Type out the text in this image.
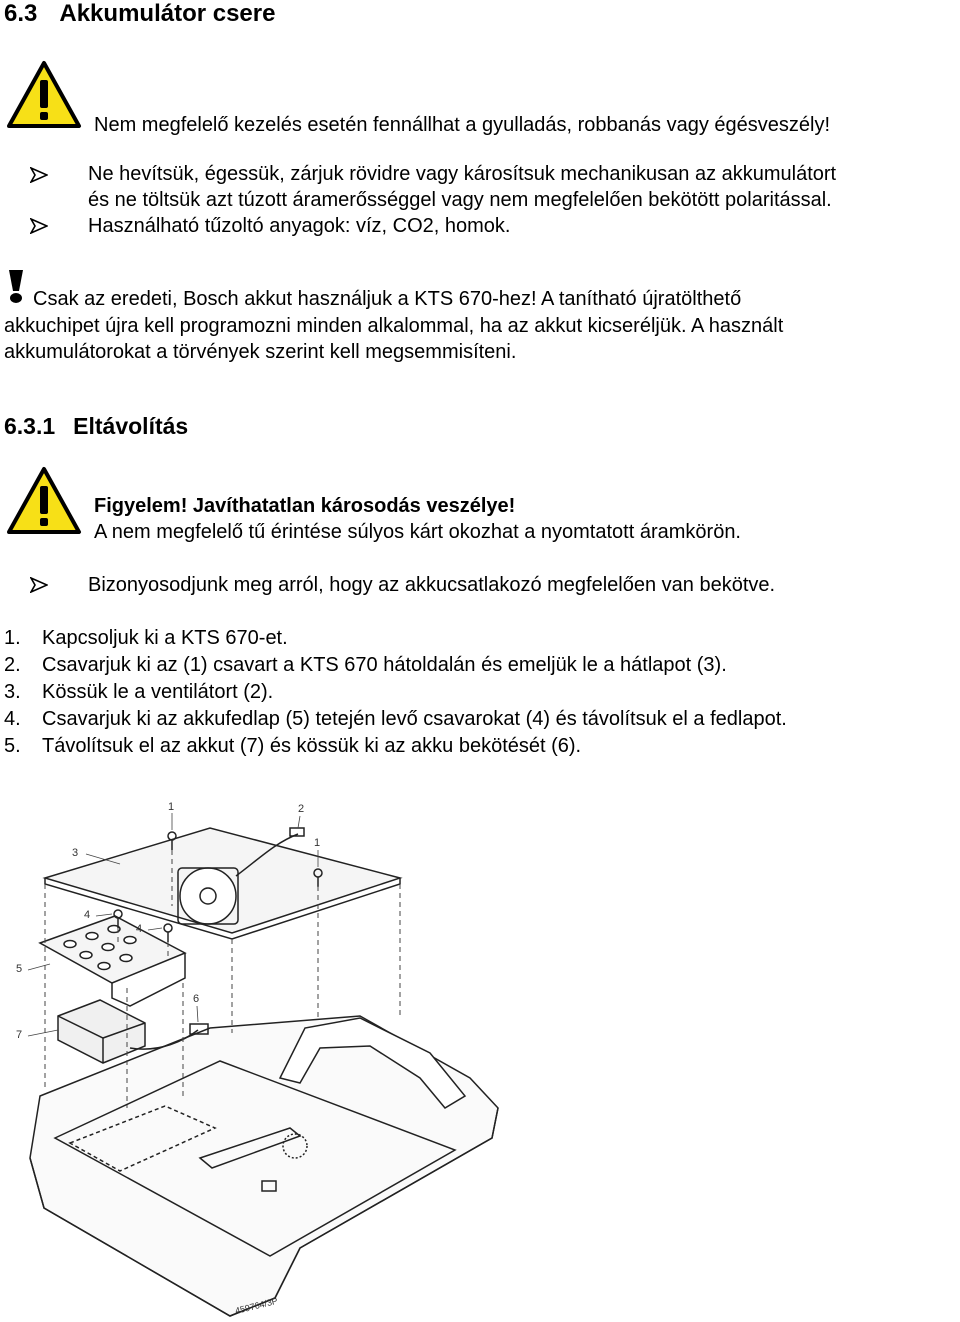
6.3 Akkumulátor csere
Nem megfelelő kezelés esetén fennállhat a gyulladás, robbanás vagy égésveszély!
Ne hevítsük, égessük, zárjuk rövidre vagy károsítsuk mechanikusan az akkumulátort
és ne töltsük azt túzott áramerősséggel vagy nem megfelelően bekötött polaritással.
Használható tűzoltó anyagok: víz, CO2, homok.
Csak az eredeti, Bosch akkut használjuk a KTS 670-hez! A tanítható újratölthető
akkuchipet újra kell programozni minden alkalommal, ha az akkut kicseréljük. A használt
akkumulátorokat a törvények szerint kell megsemmisíteni.
6.3.1 Eltávolítás
Figyelem! Javíthatatlan károsodás veszélye!
A nem megfelelő tű érintése súlyos kárt okozhat a nyomtatott áramkörön.
Bizonyosodjunk meg arról, hogy az akkucsatlakozó megfelelően van bekötve.
1. Kapcsoljuk ki a KTS 670-et.
2. Csavarjuk ki az (1) csavart a KTS 670 hátoldalán és emeljük le a hátlapot (3).
3. Kössük le a ventilátort (2).
4. Csavarjuk ki az akkufedlap (5) tetején levő csavarokat (4) és távolítsuk el a fedlapot.
5. Távolítsuk el az akkut (7) és kössük ki az akku bekötését (6).
1	2
1
3
4
4
5
6
7
459764/3P
